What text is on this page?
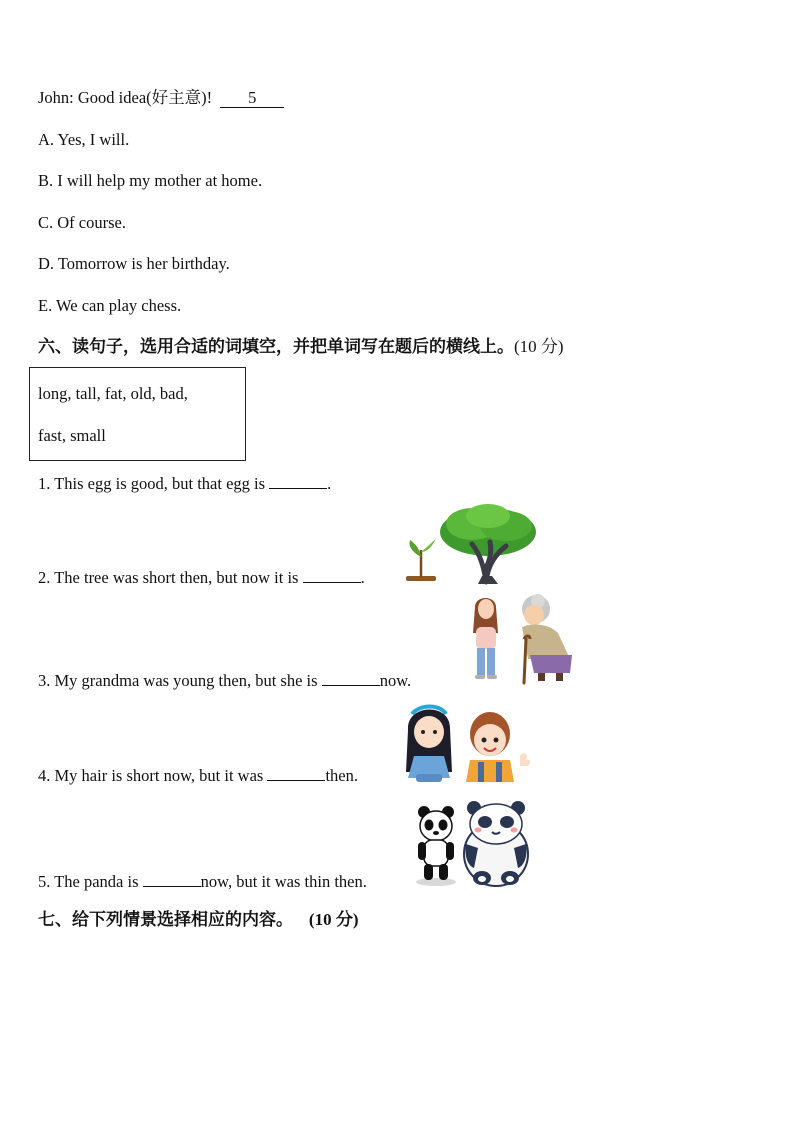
John: Good idea(好主意)! 5
A. Yes, I will.
B. I will help my mother at home.
C. Of course.
D. Tomorrow is her birthday.
E. We can play chess.
六、读句子，选用合适的词填空，并把单词写在题后的横线上。(10 分)
long, tall, fat, old, bad,
fast, small
1. This egg is good, but that egg is	.
2. The tree was short then, but now it is	.
3. My grandma was young then, but she is	now.
4. My hair is short now, but it was	then.
5. The panda is	now, but it was thin then.
七、给下列情景选择相应的内容。 (10 分)
